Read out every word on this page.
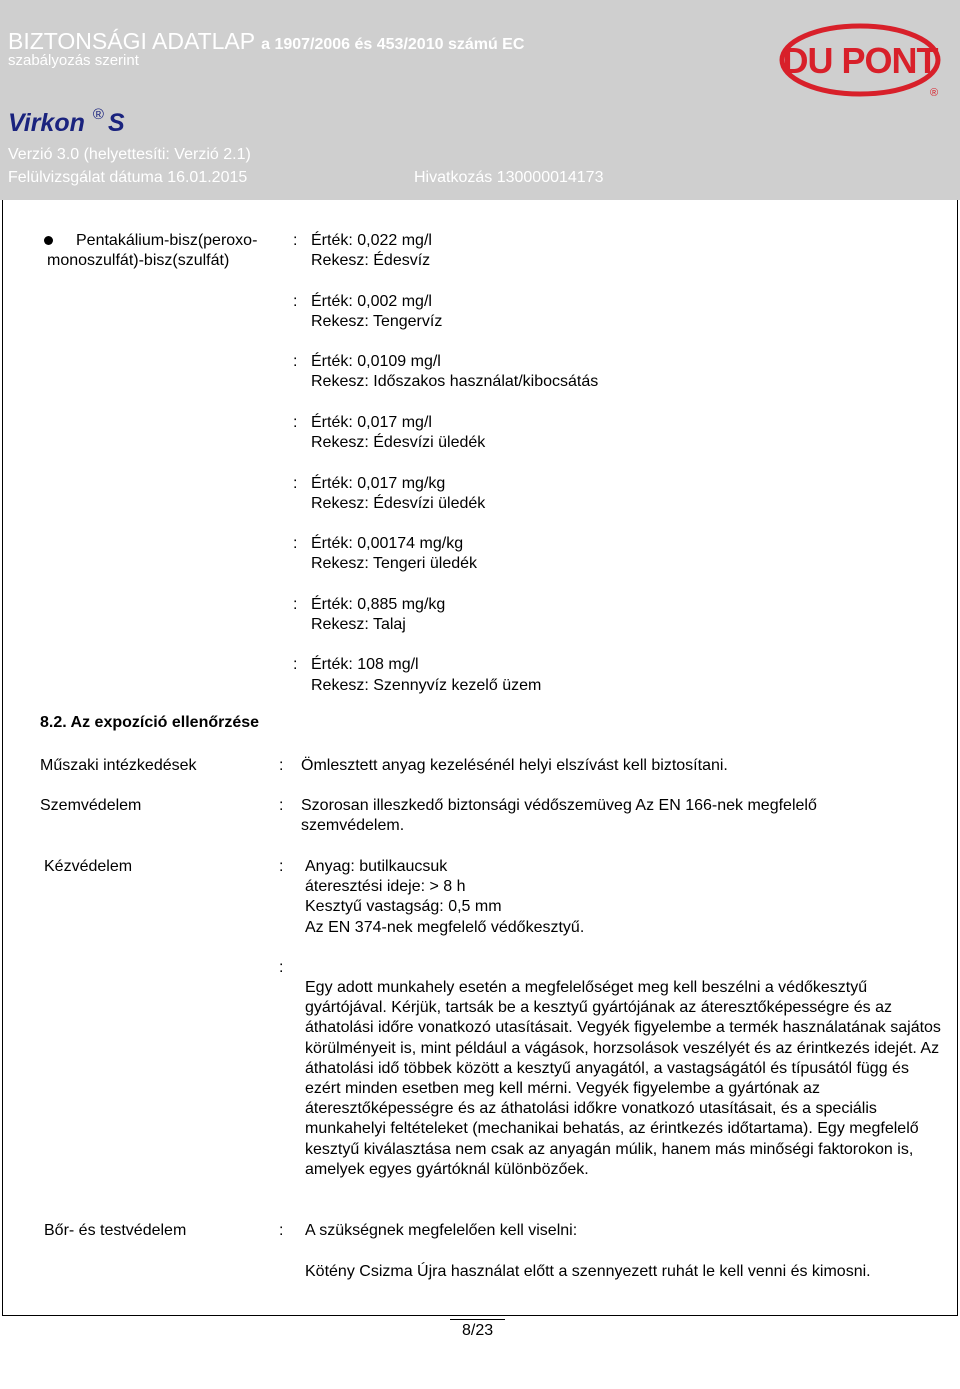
BIZTONSÁGI ADATLAP a 1907/2006 és 453/2010 számú EC
szabályozás szerint
Virkon ® S
Verzió 3.0 (helyettesíti: Verzió 2.1)
Felülvizsgálat dátuma 16.01.2015	Hivatkozás 130000014173
DU PONT
®
Pentakálium-bisz(peroxo-
monoszulfát)-bisz(szulfát)
: Érték: 0,022 mg/l
Rekesz: Édesvíz
: Érték: 0,002 mg/l
Rekesz: Tengervíz
: Érték: 0,0109 mg/l
Rekesz: Időszakos használat/kibocsátás
: Érték: 0,017 mg/l
Rekesz: Édesvízi üledék
: Érték: 0,017 mg/kg
Rekesz: Édesvízi üledék
: Érték: 0,00174 mg/kg
Rekesz: Tengeri üledék
: Érték: 0,885 mg/kg
Rekesz: Talaj
: Érték: 108 mg/l
Rekesz: Szennyvíz kezelő üzem
8.2. Az expozíció ellenőrzése
Műszaki intézkedések	: Ömlesztett anyag kezelésénél helyi elszívást kell biztosítani.
Szemvédelem	: Szorosan illeszkedő biztonsági védőszemüveg Az EN 166-nek megfelelő
szemvédelem.
Kézvédelem	: Anyag: butilkaucsuk
áteresztési ideje: > 8 h
Kesztyű vastagság: 0,5 mm
Az EN 374-nek megfelelő védőkesztyű.
:
Egy adott munkahely esetén a megfelelőséget meg kell beszélni a védőkesztyű gyártójával. Kérjük, tartsák be a kesztyű gyártójának az áteresztőképességre és az áthatolási időre vonatkozó utasításait. Vegyék figyelembe a termék használatának sajátos körülményeit is, mint például a vágások, horzsolások veszélyét és az érintkezés idejét. Az áthatolási idő többek között a kesztyű anyagától, a vastagságától és típusától függ és ezért minden esetben meg kell mérni. Vegyék figyelembe a gyártónak az áteresztőképességre és az áthatolási időkre vonatkozó utasításait, és a speciális munkahelyi feltételeket (mechanikai behatás, az érintkezés időtartama). Egy megfelelő kesztyű kiválasztása nem csak az anyagán múlik, hanem más minőségi faktorokon is, amelyek egyes gyártóknál különbözőek.
Bőr- és testvédelem	: A szükségnek megfelelően kell viselni:
Kötény Csizma Újra használat előtt a szennyezett ruhát le kell venni és kimosni.
8/23
